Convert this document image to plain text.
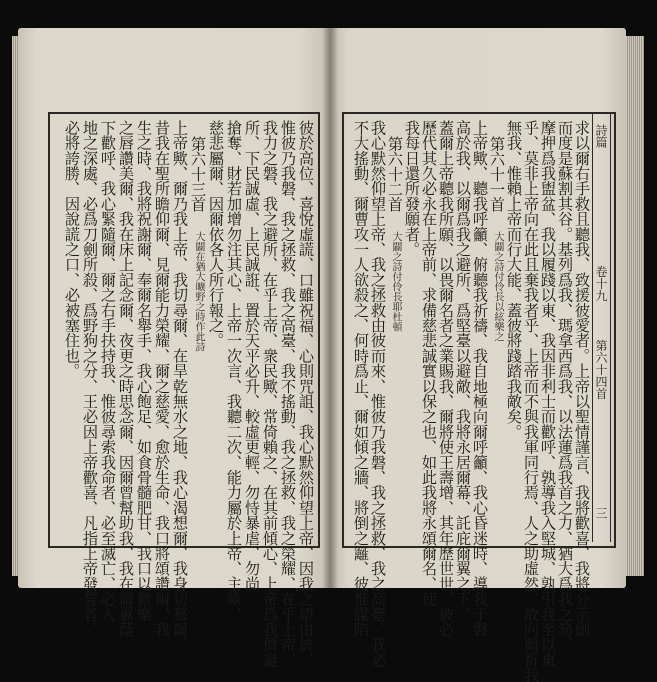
詩篇  卷十九  第六十四首  三
求以爾右手救且聽我、致援彼愛者。上帝以聖情謹言、我將歡喜、我將分示劍
而度是蘇割其谷。基列爲我、瑪拿西爲我、以法蓮爲我首之力、猶大爲我之笏、
摩押爲我盥盆、我以履踐以東、我因非利士而歡呼、孰導我入堅城、孰引我至以東
乎、莫非上帝向在此且棄我者乎、上帝而不與我軍同行焉、人之助虛然、故向爾祈我
無我、惟賴上帝而行大能、蓋彼將踐踏我敵矣。
第六十一首  大闢之詩付伶長以絃樂之
上帝歟、聽我呼籲、俯聽我祈禱、我自地極向爾呼籲、我心昏迷時、導我于磐
高於我、以爾爲我之避所、爲堅臺以避敵、我將永居爾幕、託庇爾翼之下、
蓋爾上帝聽我所願、以畏爾名者之業賜我、爾將使王壽增、其年歷世世、彼必
歷代其久必永在上帝前、求備慈悲誠實以保之也、如此我將永頌爾名、使
我每日還所發願者。
第六十二首  大闢之詩付伶長耶杜頓
我心默然仰望上帝、我之拯救由彼而來、惟彼乃我磐、我之拯救、我之高臺、我必
不大搖動、爾曹攻一人欲殺之、何時爲止、爾如傾之牆、將倒之籬、彼惟謀陷
彼於高位、喜悅虛謊、口雖祝福、心則咒詛、我心默然仰望上帝、因我之望由彼、
惟彼乃我磐、我之拯救、我之高臺、我不搖動、我之拯救、我之榮耀、在乎上帝、
我力之磐、我之避所、在乎上帝、衆民歟、常倚賴之、在其前傾心、上帝爲我儕避
所、下民誠虛、上民誠誑、置於天平必升、較虛更輕、勿恃暴虐、勿尚
搶奪、財若加增勿注其心、上帝一次言、我聽二次、能力屬於上帝、主歟、
慈悲屬爾、因爾依各人所行報之。
第六十三首  大闢在猶大曠野之時作此詩
上帝歟、爾乃我上帝、我切尋爾、在旱乾無水之地、我心渴想爾、我身切慕爾、
昔我在聖所瞻仰爾、見爾能力榮耀、爾之慈愛、愈於生命、我口將頌讚爾、我
生之時、我將祝謝爾、奉爾名舉手、我心飽足、如食骨髓肥甘、我口以歡樂
之唇讚美爾、我在床上記念爾、夜更之時思念爾、因爾曾幫助我、我在爾翼蔭
下歡呼、我心緊隨爾、爾之右手扶持我、惟彼尋索我命者、必至滅亡、必入
地之深處、必爲刀劍所殺、爲野狗之分、王必因上帝歡喜、凡指上帝發誓者、
必將誇勝、因說謊之口、必被塞住也。
